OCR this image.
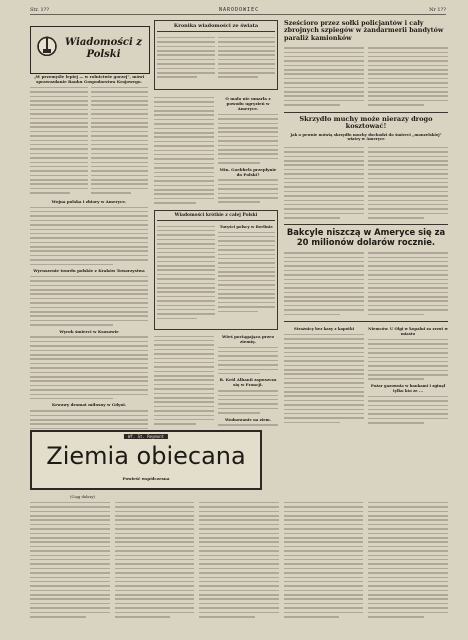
Str. 1??	NARODOWIEC	Nr 1??
Wiadomości z Polski
„W przemyśle lepiej — w rolnictwie gorzej", mówi sprawozdanie Banku Gospodarstwa Krajowego.
Wojna polska i zbiory w Ameryce.
Wyruszenie tourdu polskie z Kraków Towarzystwa
Wyrok śmierci w Ksosowie
Krwawy dramat miłosny w Gdyni.
Kronika wiadomości ze świata
O mało nie umarła z powodu ugryzień w Ameryce.
Min. Goebbels przepłynie do Polski?
Wiadomości krótkie z całej Polski
Turyści polscy w Berlinie
Wieś pociągająca przez ziemię.
B. Król Albanii zapuszcza się w Francji.
Wodnowanie na ziem.
Sześcioro przez sołki policjantów i cały zbrojnych szpiegów w żandarmerii bandytów paraliż kamionków
Skrzydło muchy może nierazy drogo kosztować!
Jak o pewnie mówią skrzydło muchy dochodzi do śmierci „monzelskiej" wiatry w Ameryce
Bakcyle niszczą w Ameryce się za 20 milionów dolarów rocznie.
Strażnicy bez kasy z kapotki	Niemców. U Olgi w kopalni za zrzut w miasto
Pożar gazownia w bankami i zginął tylko kto ze ...
Wf. St. Reymont
Ziemia obiecana
Powieść współczesna
(Ciąg dalszy)
